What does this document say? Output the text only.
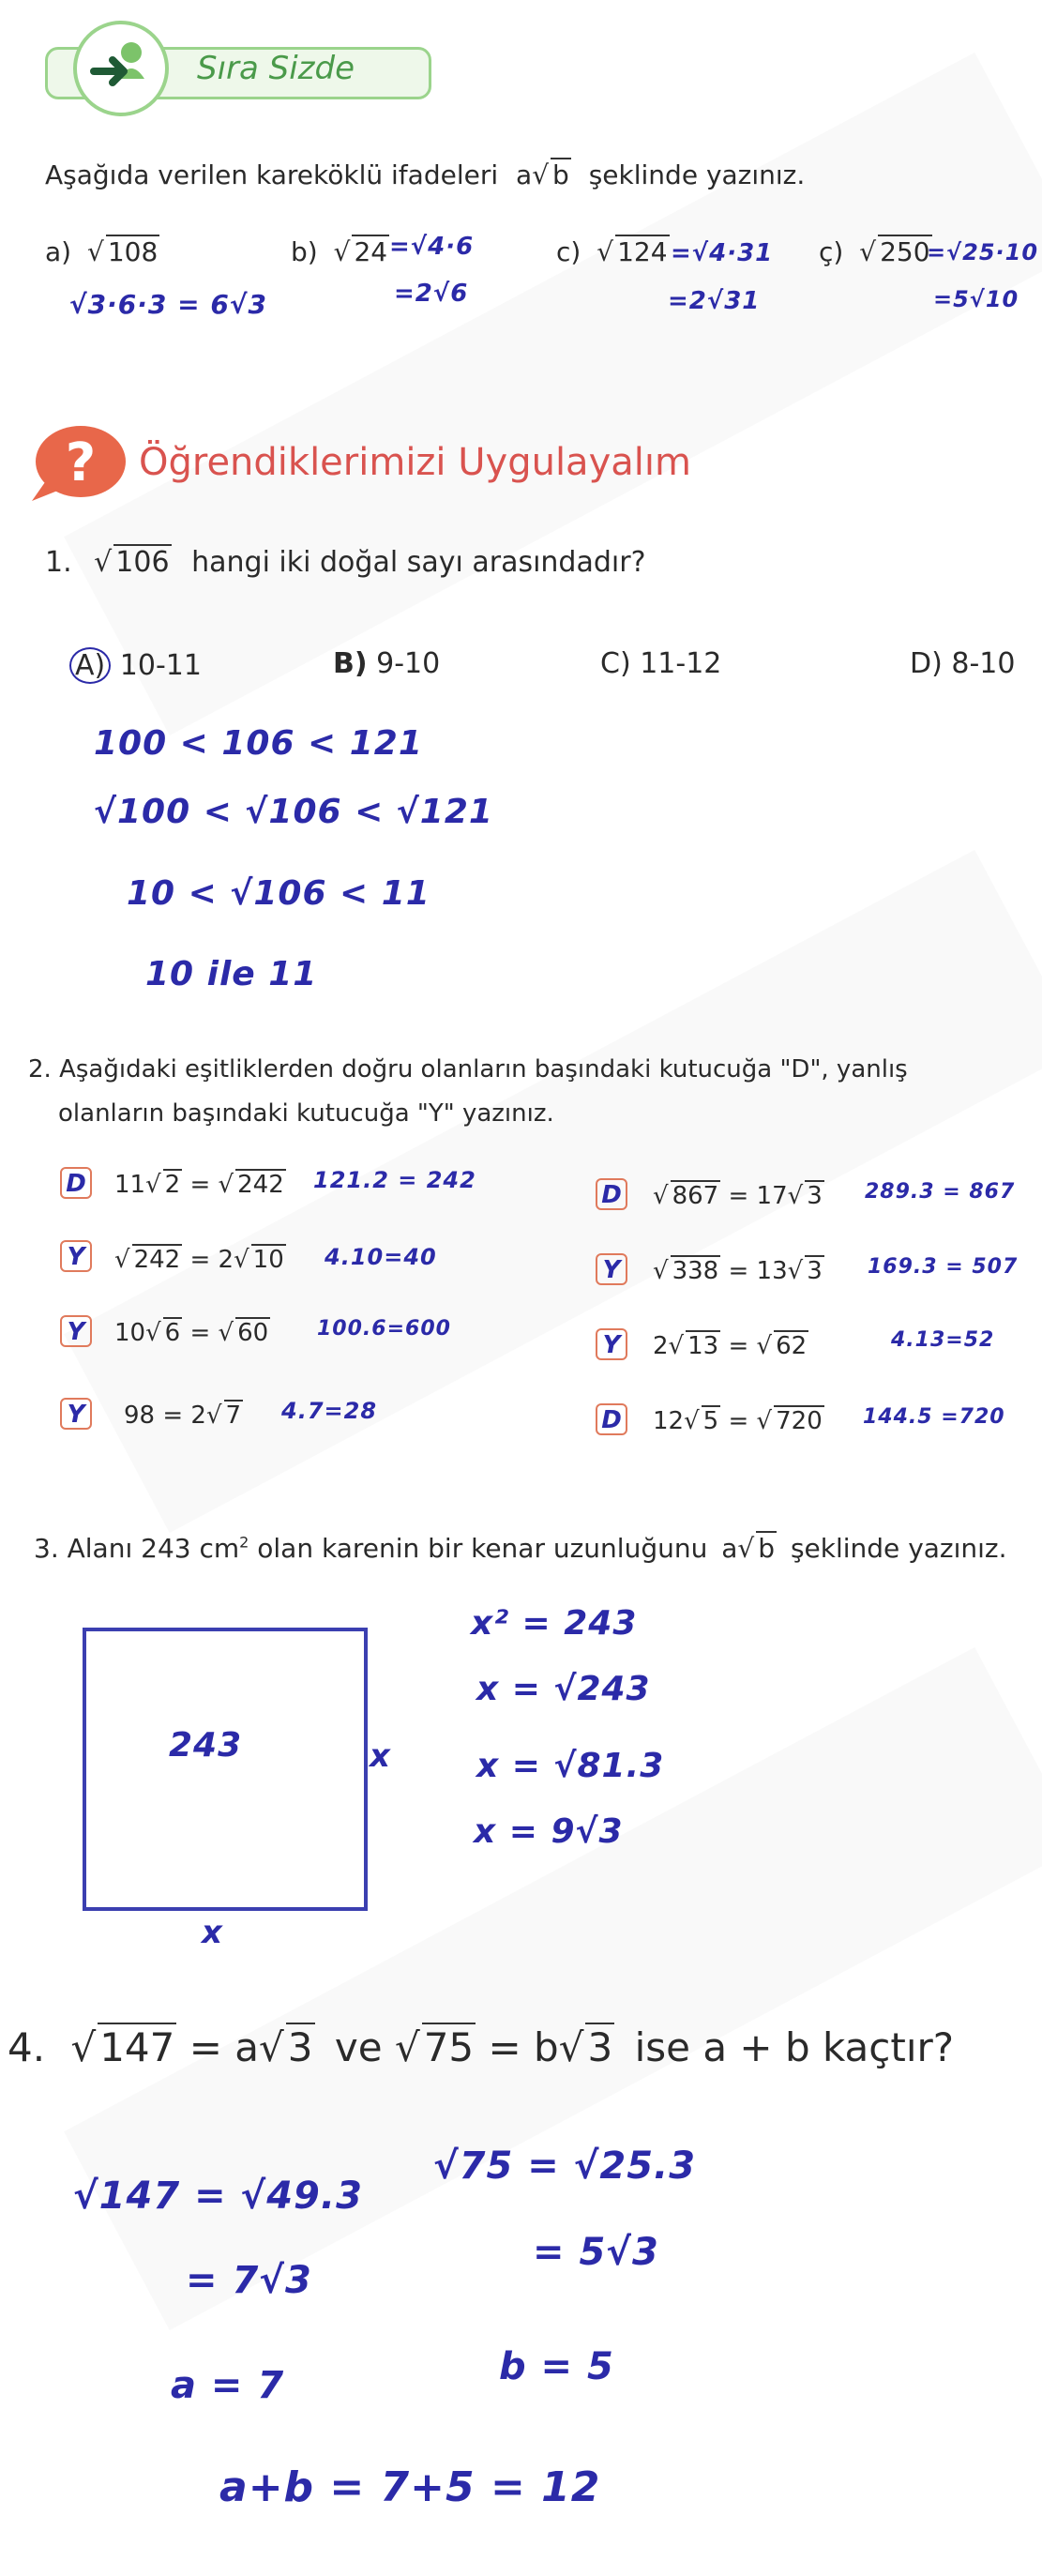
Sıra Sizde
Aşağıda verilen kareköklü ifadeleri a√ b şeklinde yazınız.
a) √ 108
√3·6·3 = 6√3
b) √ 24 =√4·6
=2√6
c) √ 124 =√4·31
=2√31
ç) √ 250
=√25·10
=5√10
? Öğrendiklerimizi Uygulayalım
1. √ 106 hangi iki doğal sayı arasındadır?
A) 10-11	B) 9-10	C) 11-12	D) 8-10
100 < 106 < 121
√100 < √106 < √121
10 < √106 < 11
10 ile 11
2. Aşağıdaki eşitliklerden doğru olanların başındaki kutucuğa "D", yanlış
olanların başındaki kutucuğa "Y" yazınız.
D 11√ 2 = √ 242 121.2 = 242
Y √ 242 = 2√ 10 4.10=40
Y 10√ 6 = √ 60 100.6=600
Y 98 = 2√ 7 4.7=28
D √ 867 = 17√ 3 289.3 = 867
Y √ 338 = 13√ 3 169.3 = 507
Y 2√ 13 = √ 62	4.13=52
D 12√ 5 = √ 720 144.5 =720
3. Alanı 243 $cm^2$ olan karenin bir kenar uzunluğunu a√ b şeklinde yazınız.
243	x
x
x² = 243
x = √243
x = √81.3
x = 9√3
4. √147 = a√3 ve √75 = b√3 ise a + b kaçtır?
√147 = √49.3
= 7√3
a = 7
√75 = √25.3
= 5√3
b = 5
a+b = 7+5 = 12
